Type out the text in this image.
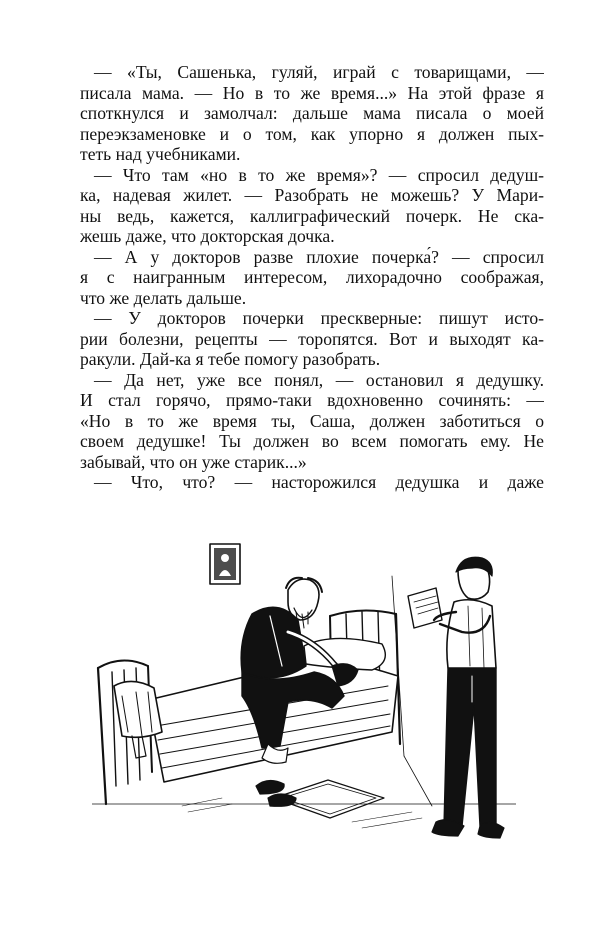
— «Ты, Сашенька, гуляй, играй с товарищами, —
писала мама. — Но в то же время...» На этой фразе я
споткнулся и замолчал: дальше мама писала о моей
переэкзаменовке и о том, как упорно я должен пых-
теть над учебниками.
— Что там «но в то же время»? — спросил дедуш-
ка, надевая жилет. — Разобрать не можешь? У Мари-
ны ведь, кажется, каллиграфический почерк. Не ска-
жешь даже, что докторская дочка.
— А у докторов разве плохие почерка́? — спросил
я с наигранным интересом, лихорадочно соображая,
что же делать дальше.
— У докторов почерки прескверные: пишут исто-
рии болезни, рецепты — торопятся. Вот и выходят ка-
ракули. Дай-ка я тебе помогу разобрать.
— Да нет, уже все понял, — остановил я дедушку.
И стал горячо, прямо-таки вдохновенно сочинять: —
«Но в то же время ты, Саша, должен заботиться о
своем дедушке! Ты должен во всем помогать ему. Не
забывай, что он уже старик...»
— Что, что? — насторожился дедушка и даже
